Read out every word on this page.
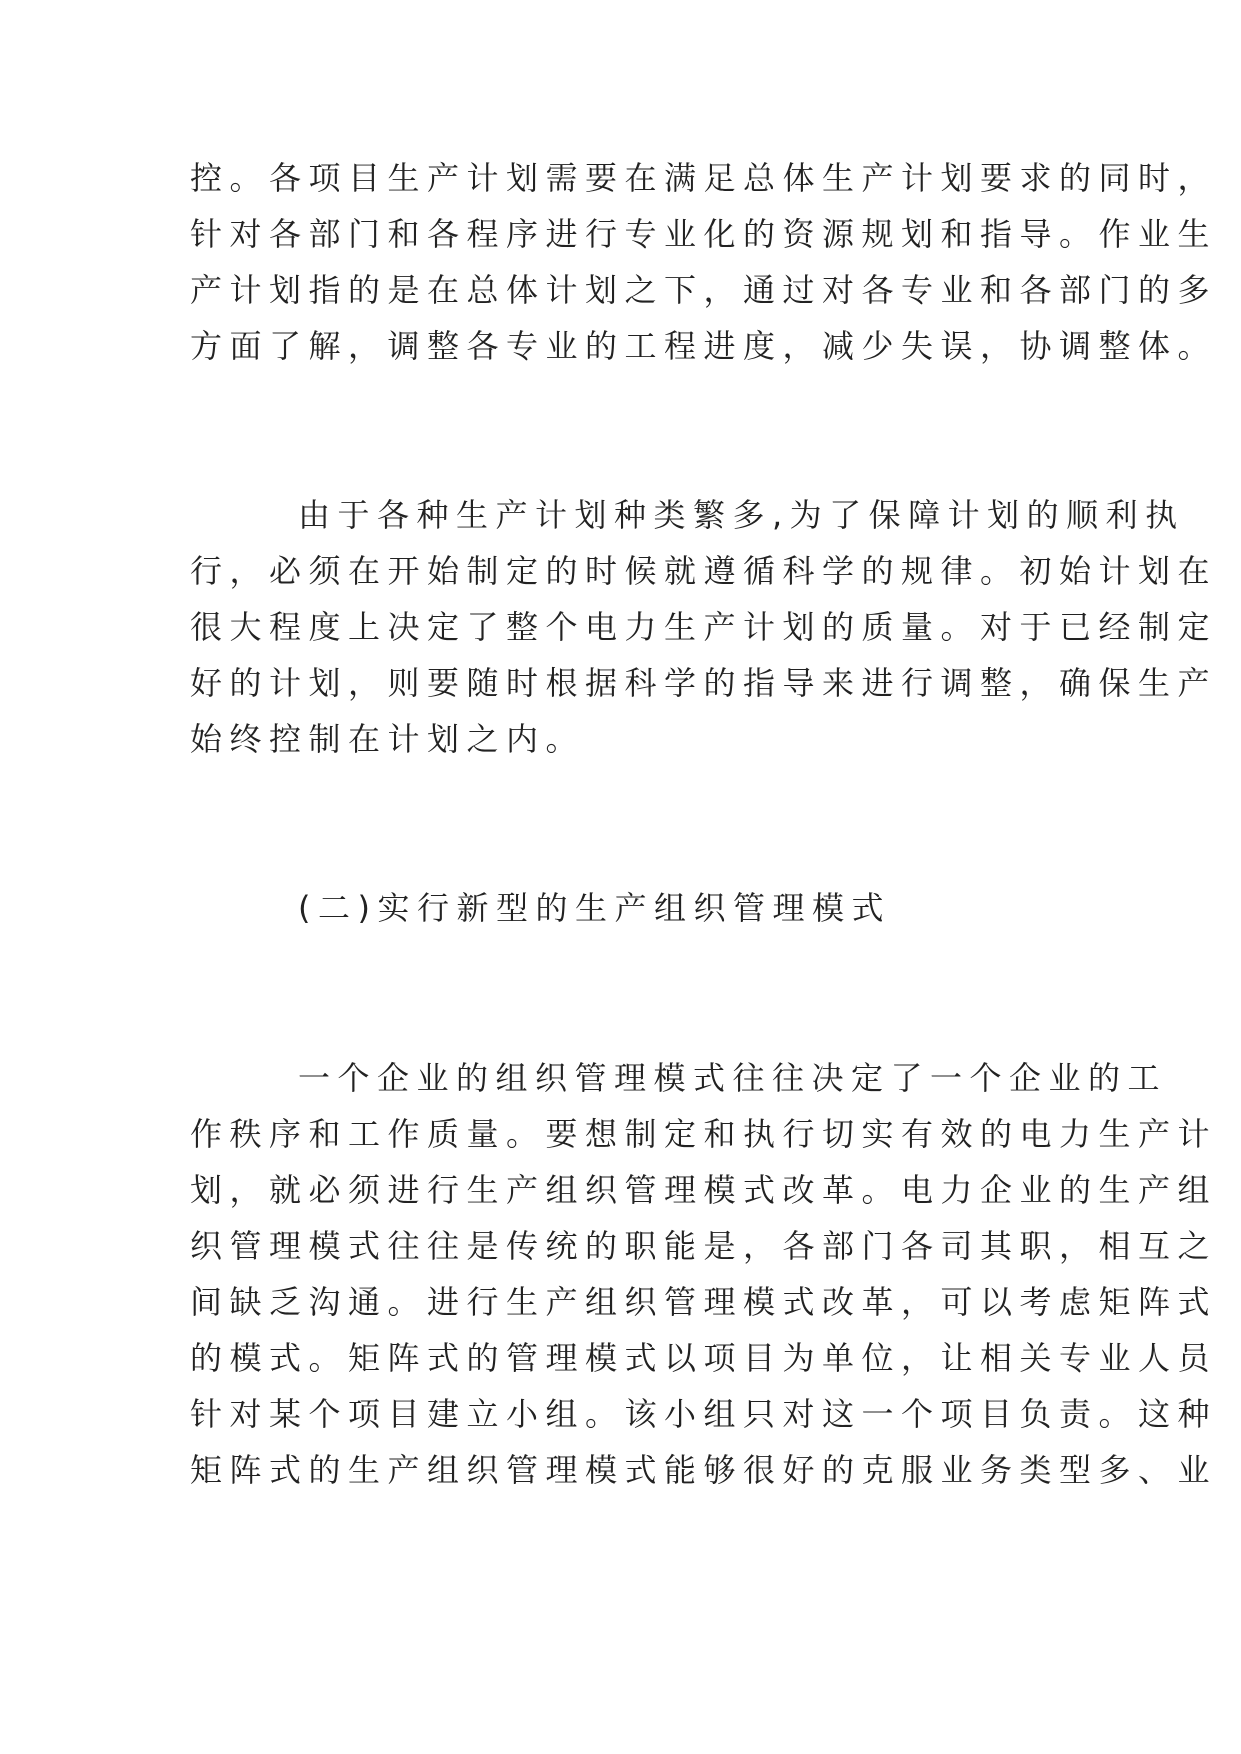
控。各项目生产计划需要在满足总体生产计划要求的同时，
针对各部门和各程序进行专业化的资源规划和指导。作业生
产计划指的是在总体计划之下，通过对各专业和各部门的多
方面了解，调整各专业的工程进度，减少失误，协调整体。
由于各种生产计划种类繁多,为了保障计划的顺利执
行，必须在开始制定的时候就遵循科学的规律。初始计划在
很大程度上决定了整个电力生产计划的质量。对于已经制定
好的计划，则要随时根据科学的指导来进行调整，确保生产
始终控制在计划之内。
(二)实行新型的生产组织管理模式
一个企业的组织管理模式往往决定了一个企业的工
作秩序和工作质量。要想制定和执行切实有效的电力生产计
划，就必须进行生产组织管理模式改革。电力企业的生产组
织管理模式往往是传统的职能是，各部门各司其职，相互之
间缺乏沟通。进行生产组织管理模式改革，可以考虑矩阵式
的模式。矩阵式的管理模式以项目为单位，让相关专业人员
针对某个项目建立小组。该小组只对这一个项目负责。这种
矩阵式的生产组织管理模式能够很好的克服业务类型多、业
